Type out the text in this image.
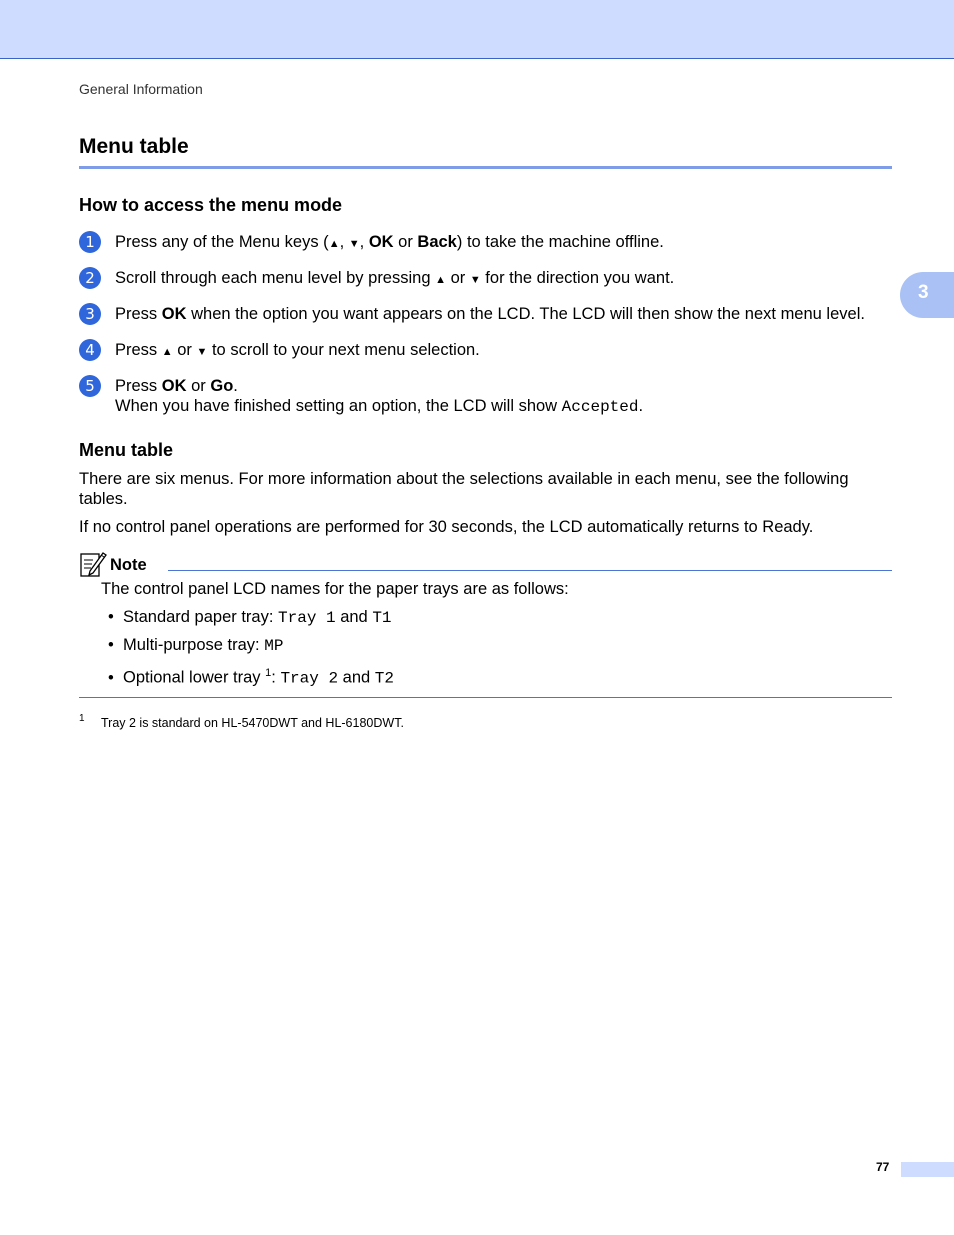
General Information
3
Menu table
How to access the menu mode
1	Press any of the Menu keys (▲, ▼, OK or Back) to take the machine offline.
2	Scroll through each menu level by pressing ▲ or ▼ for the direction you want.
3	Press OK when the option you want appears on the LCD. The LCD will then show the next menu level.
4	Press ▲ or ▼ to scroll to your next menu selection.
5	Press OK or Go.
When you have finished setting an option, the LCD will show Accepted.
Menu table
There are six menus. For more information about the selections available in each menu, see the following tables.
If no control panel operations are performed for 30 seconds, the LCD automatically returns to Ready.
Note
The control panel LCD names for the paper trays are as follows:
• Standard paper tray: Tray 1 and T1
• Multi-purpose tray: MP
• Optional lower tray $^1$: Tray 2 and T2
1 Tray 2 is standard on HL-5470DWT and HL-6180DWT.
77
